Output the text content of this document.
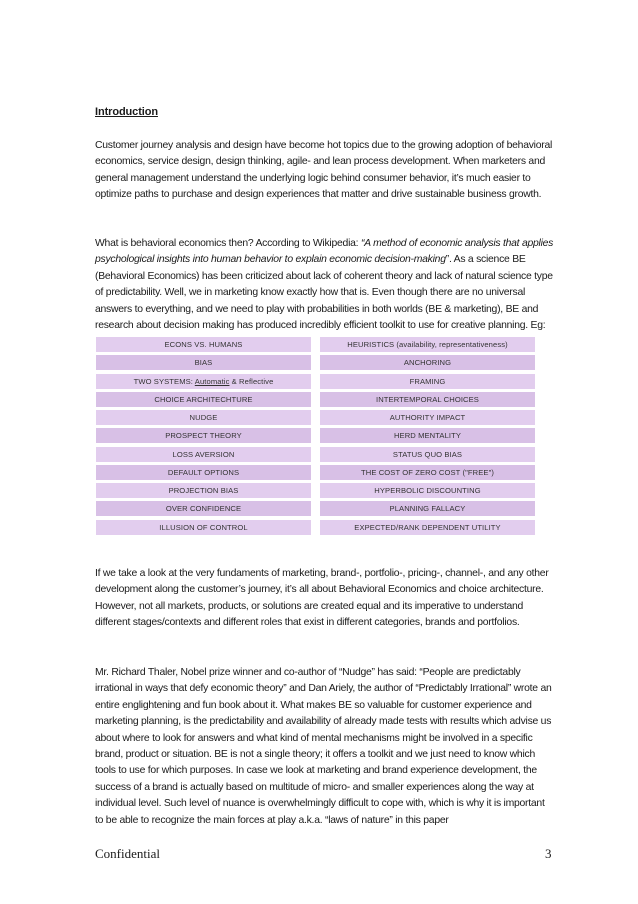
Introduction

Customer journey analysis and design have become hot topics due to the growing adoption of behavioral economics, service design, design thinking, agile- and lean process development. When marketers and general management understand the underlying logic behind consumer behavior, it’s much easier to optimize paths to purchase and design experiences that matter and drive sustainable business growth.

What is behavioral economics then? According to Wikipedia: “A method of economic analysis that applies psychological insights into human behavior to explain economic decision-making”. As a science BE (Behavioral Economics) has been criticized about lack of coherent theory and lack of natural science type of predictability. Well, we in marketing know exactly how that is. Even though there are no universal answers to everything, and we need to play with probabilities in both worlds (BE & marketing), BE and research about decision making has produced incredibly efficient toolkit to use for creative planning. Eg:

ECONS VS. HUMANS
BIAS
TWO SYSTEMS: Automatic & Reflective
CHOICE ARCHITECHTURE
NUDGE
PROSPECT THEORY
LOSS AVERSION
DEFAULT OPTIONS
PROJECTION BIAS
OVER CONFIDENCE
ILLUSION OF CONTROL
HEURISTICS (availability, representativeness)
ANCHORING
FRAMING
INTERTEMPORAL CHOICES
AUTHORITY IMPACT
HERD MENTALITY
STATUS QUO BIAS
THE COST OF ZERO COST ("FREE")
HYPERBOLIC DISCOUNTING
PLANNING FALLACY
EXPECTED/RANK DEPENDENT UTILITY

If we take a look at the very fundaments of marketing, brand-, portfolio-, pricing-, channel-, and any other development along the customer’s journey, it’s all about Behavioral Economics and choice architecture. However, not all markets, products, or solutions are created equal and its imperative to understand different stages/contexts and different roles that exist in different categories, brands and portfolios.

Mr. Richard Thaler, Nobel prize winner and co-author of “Nudge” has said: “People are predictably irrational in ways that defy economic theory” and Dan Ariely, the author of “Predictably Irrational” wrote an entire englightening and fun book about it. What makes BE so valuable for customer experience and marketing planning, is the predictability and availability of already made tests with results which advise us about where to look for answers and what kind of mental mechanisms might be involved in a specific brand, product or situation. BE is not a single theory; it offers a toolkit and we just need to know which tools to use for which purposes. In case we look at marketing and brand experience development, the success of a brand is actually based on multitude of micro- and smaller experiences along the way at individual level. Such level of nuance is overwhelmingly difficult to cope with, which is why it is important to be able to recognize the main forces at play a.k.a. “laws of nature” in this paper

Confidential	3
